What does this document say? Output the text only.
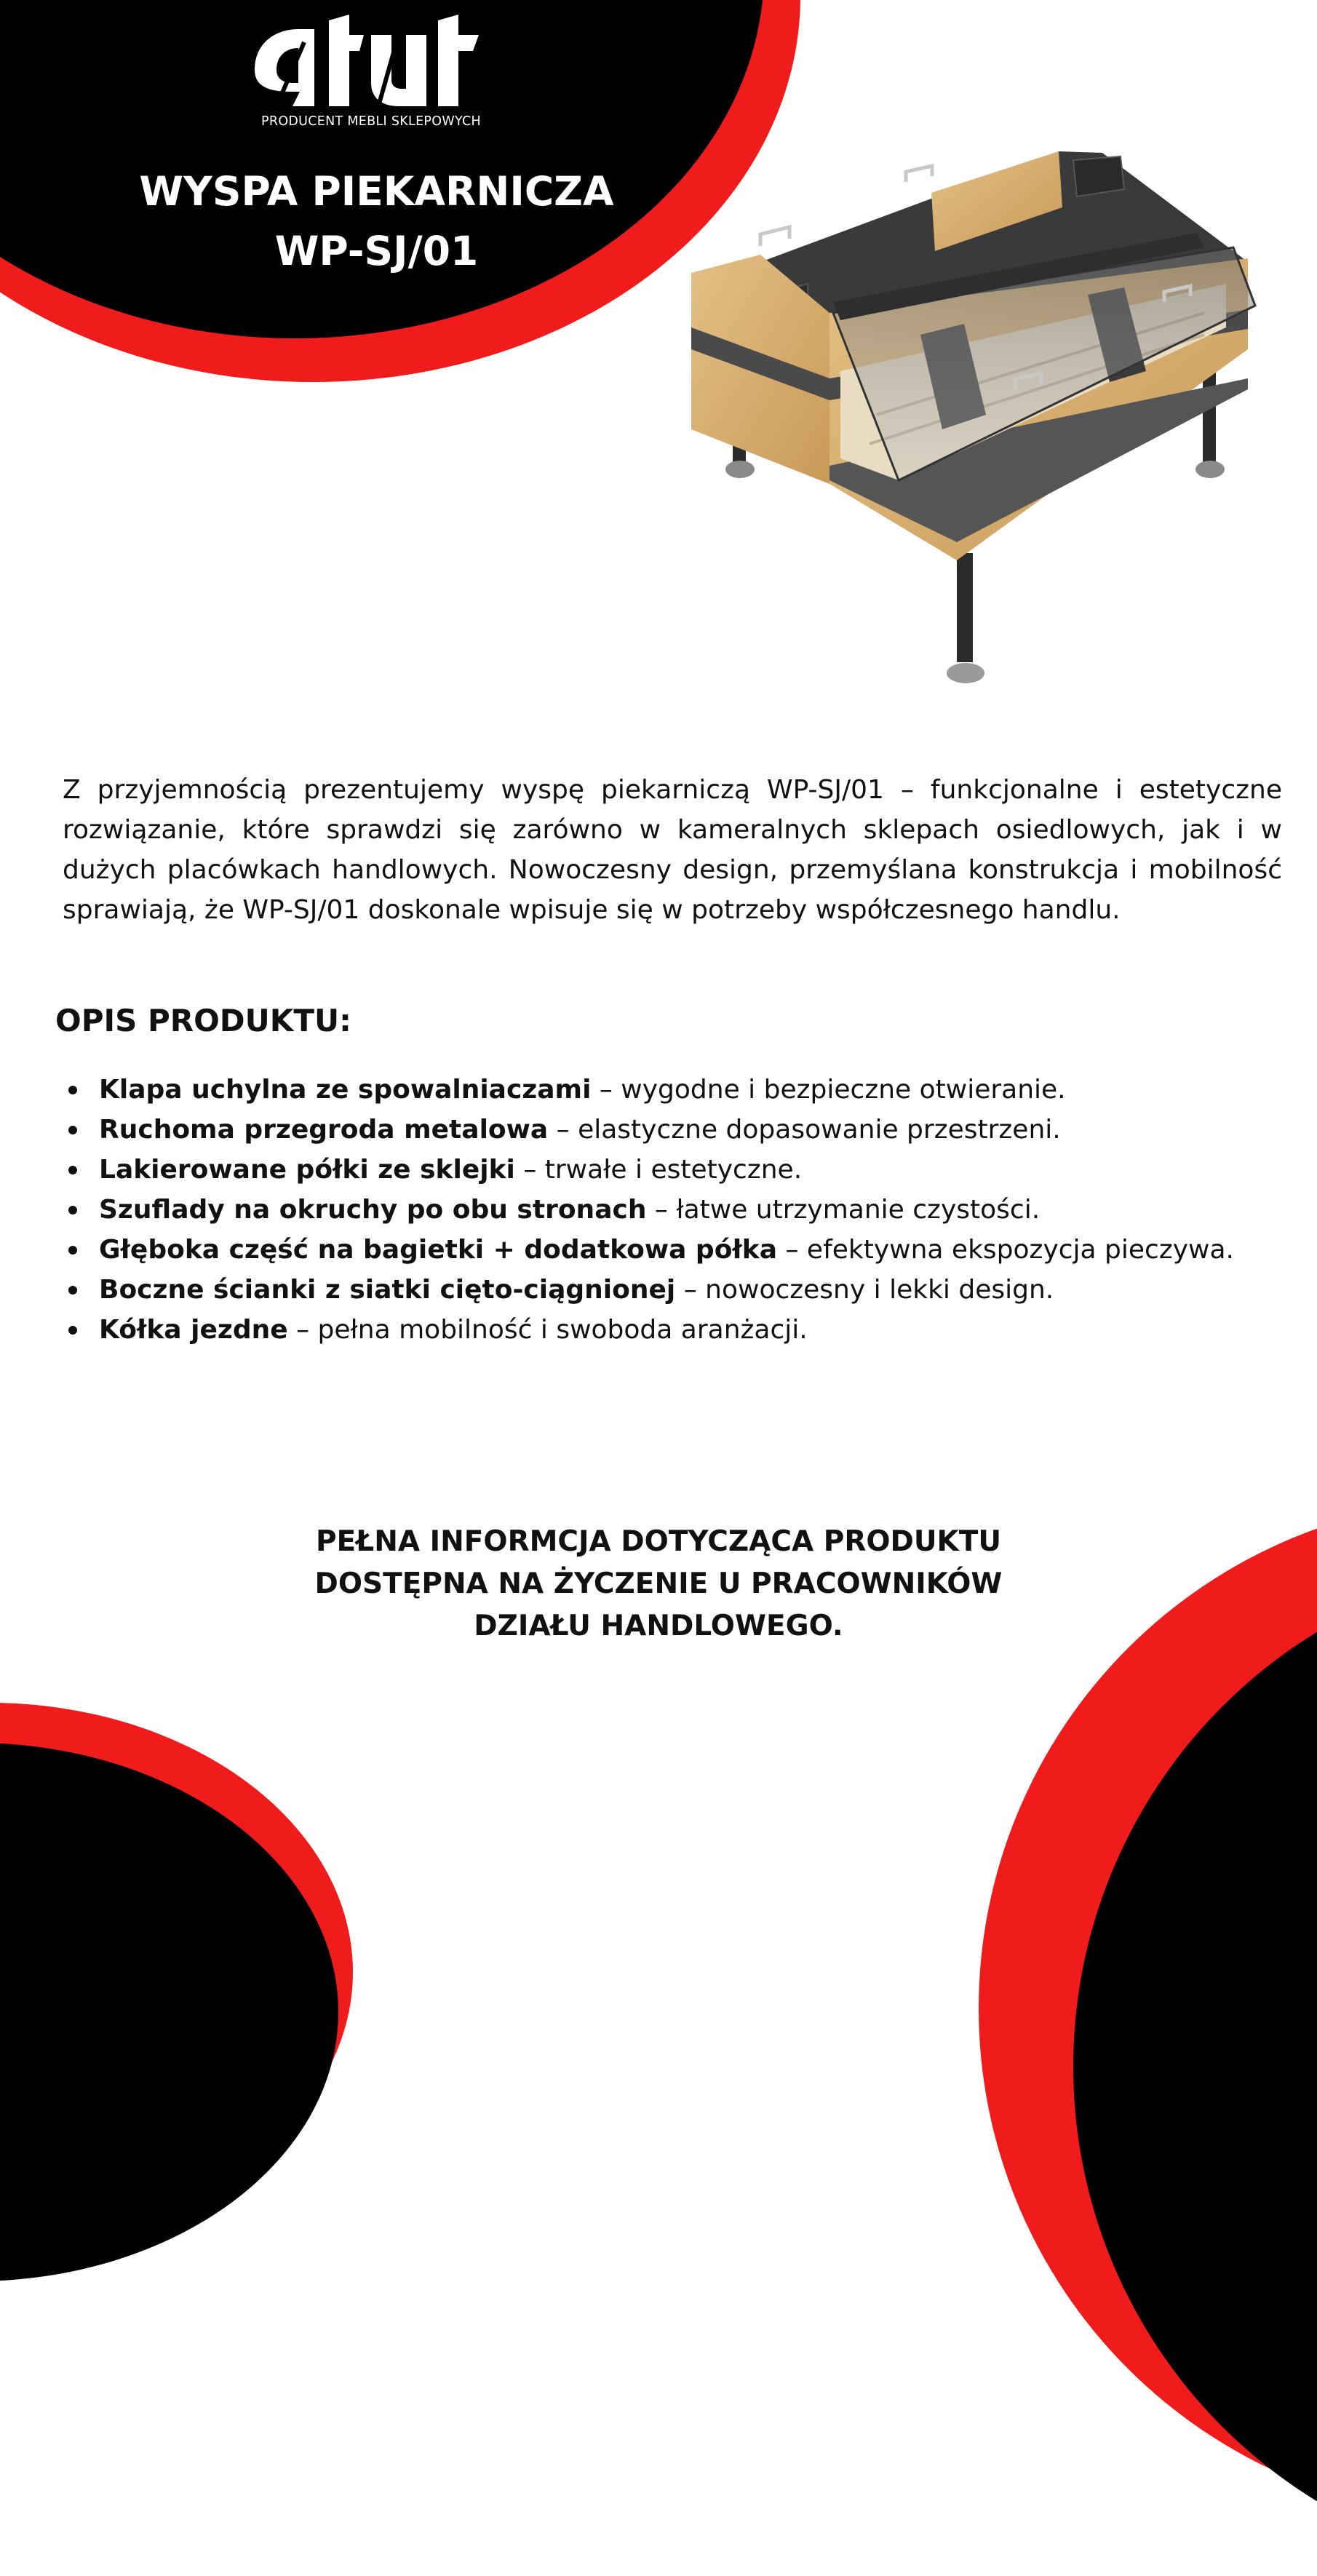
PRODUCENT MEBLI SKLEPOWYCH
WYSPA PIEKARNICZA
WP-SJ/01

Z przyjemnością prezentujemy wyspę piekarniczą WP-SJ/01 – funkcjonalne i estetyczne rozwiązanie, które sprawdzi się zarówno w kameralnych sklepach osiedlowych, jak i w dużych placówkach handlowych. Nowoczesny design, przemyślana konstrukcja i mobilność sprawiają, że WP-SJ/01 doskonale wpisuje się w potrzeby współczesnego handlu.

OPIS PRODUKTU:
Klapa uchylna ze spowalniaczami – wygodne i bezpieczne otwieranie.
Ruchoma przegroda metalowa – elastyczne dopasowanie przestrzeni.
Lakierowane półki ze sklejki – trwałe i estetyczne.
Szuflady na okruchy po obu stronach – łatwe utrzymanie czystości.
Głęboka część na bagietki + dodatkowa półka – efektywna ekspozycja pieczywa.
Boczne ścianki z siatki cięto-ciągnionej – nowoczesny i lekki design.
Kółka jezdne – pełna mobilność i swoboda aranżacji.

PEŁNA INFORMCJA DOTYCZĄCA PRODUKTU
DOSTĘPNA NA ŻYCZENIE U PRACOWNIKÓW
DZIAŁU HANDLOWEGO.
